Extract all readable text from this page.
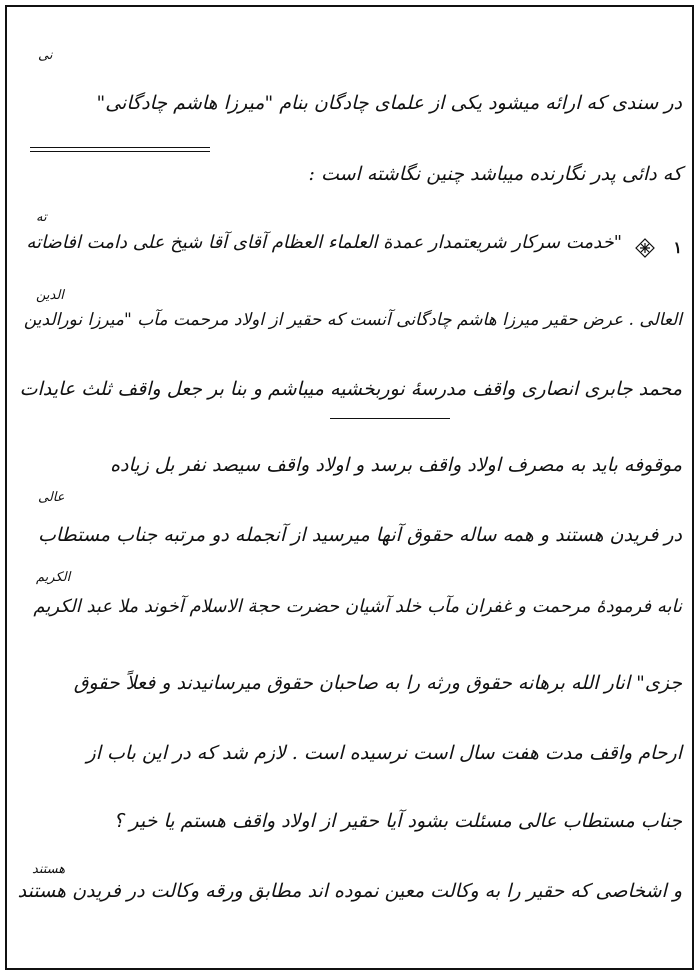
در سندی که ارائه میشود یکی از علمای چادگان بنام "میرزا هاشم چادگانی"
نی
که دائی پدر نگارنده میباشد چنین نگاشته است :
۱
"خدمت سرکار شریعتمدار عمدة العلماء العظام آقای آقا شیخ علی دامت افاضاته
ته
العالی . عرض حقیر میرزا هاشم چادگانی آنست که حقیر از اولاد مرحمت مآب "میرزا نورالدین
الدین
محمد جابری انصاری واقف مدرسهٔ نوربخشیه میباشم و بنا بر جعل واقف ثلث عایدات
موقوفه باید به مصرف اولاد واقف برسد و اولاد واقف سیصد نفر بل زیاده
در فریدن هستند و همه ساله حقوق آنها میرسید از آنجمله دو مرتبه جناب مستطاب
عالی
نابه فرمودهٔ مرحمت و غفران مآب خلد آشیان حضرت حجة الاسلام آخوند ملا عبد الکریم
الکریم
جزی" انار الله برهانه حقوق ورثه را به صاحبان حقوق میرسانیدند و فعلاً حقوق
ارحام واقف مدت هفت سال است نرسیده است . لازم شد که در این باب از
جناب مستطاب عالی مسئلت بشود آیا حقیر از اولاد واقف هستم یا خیر ؟
و اشخاصی که حقیر را به وکالت معین نموده اند مطابق ورقه وکالت در فریدن هستند
هستند
